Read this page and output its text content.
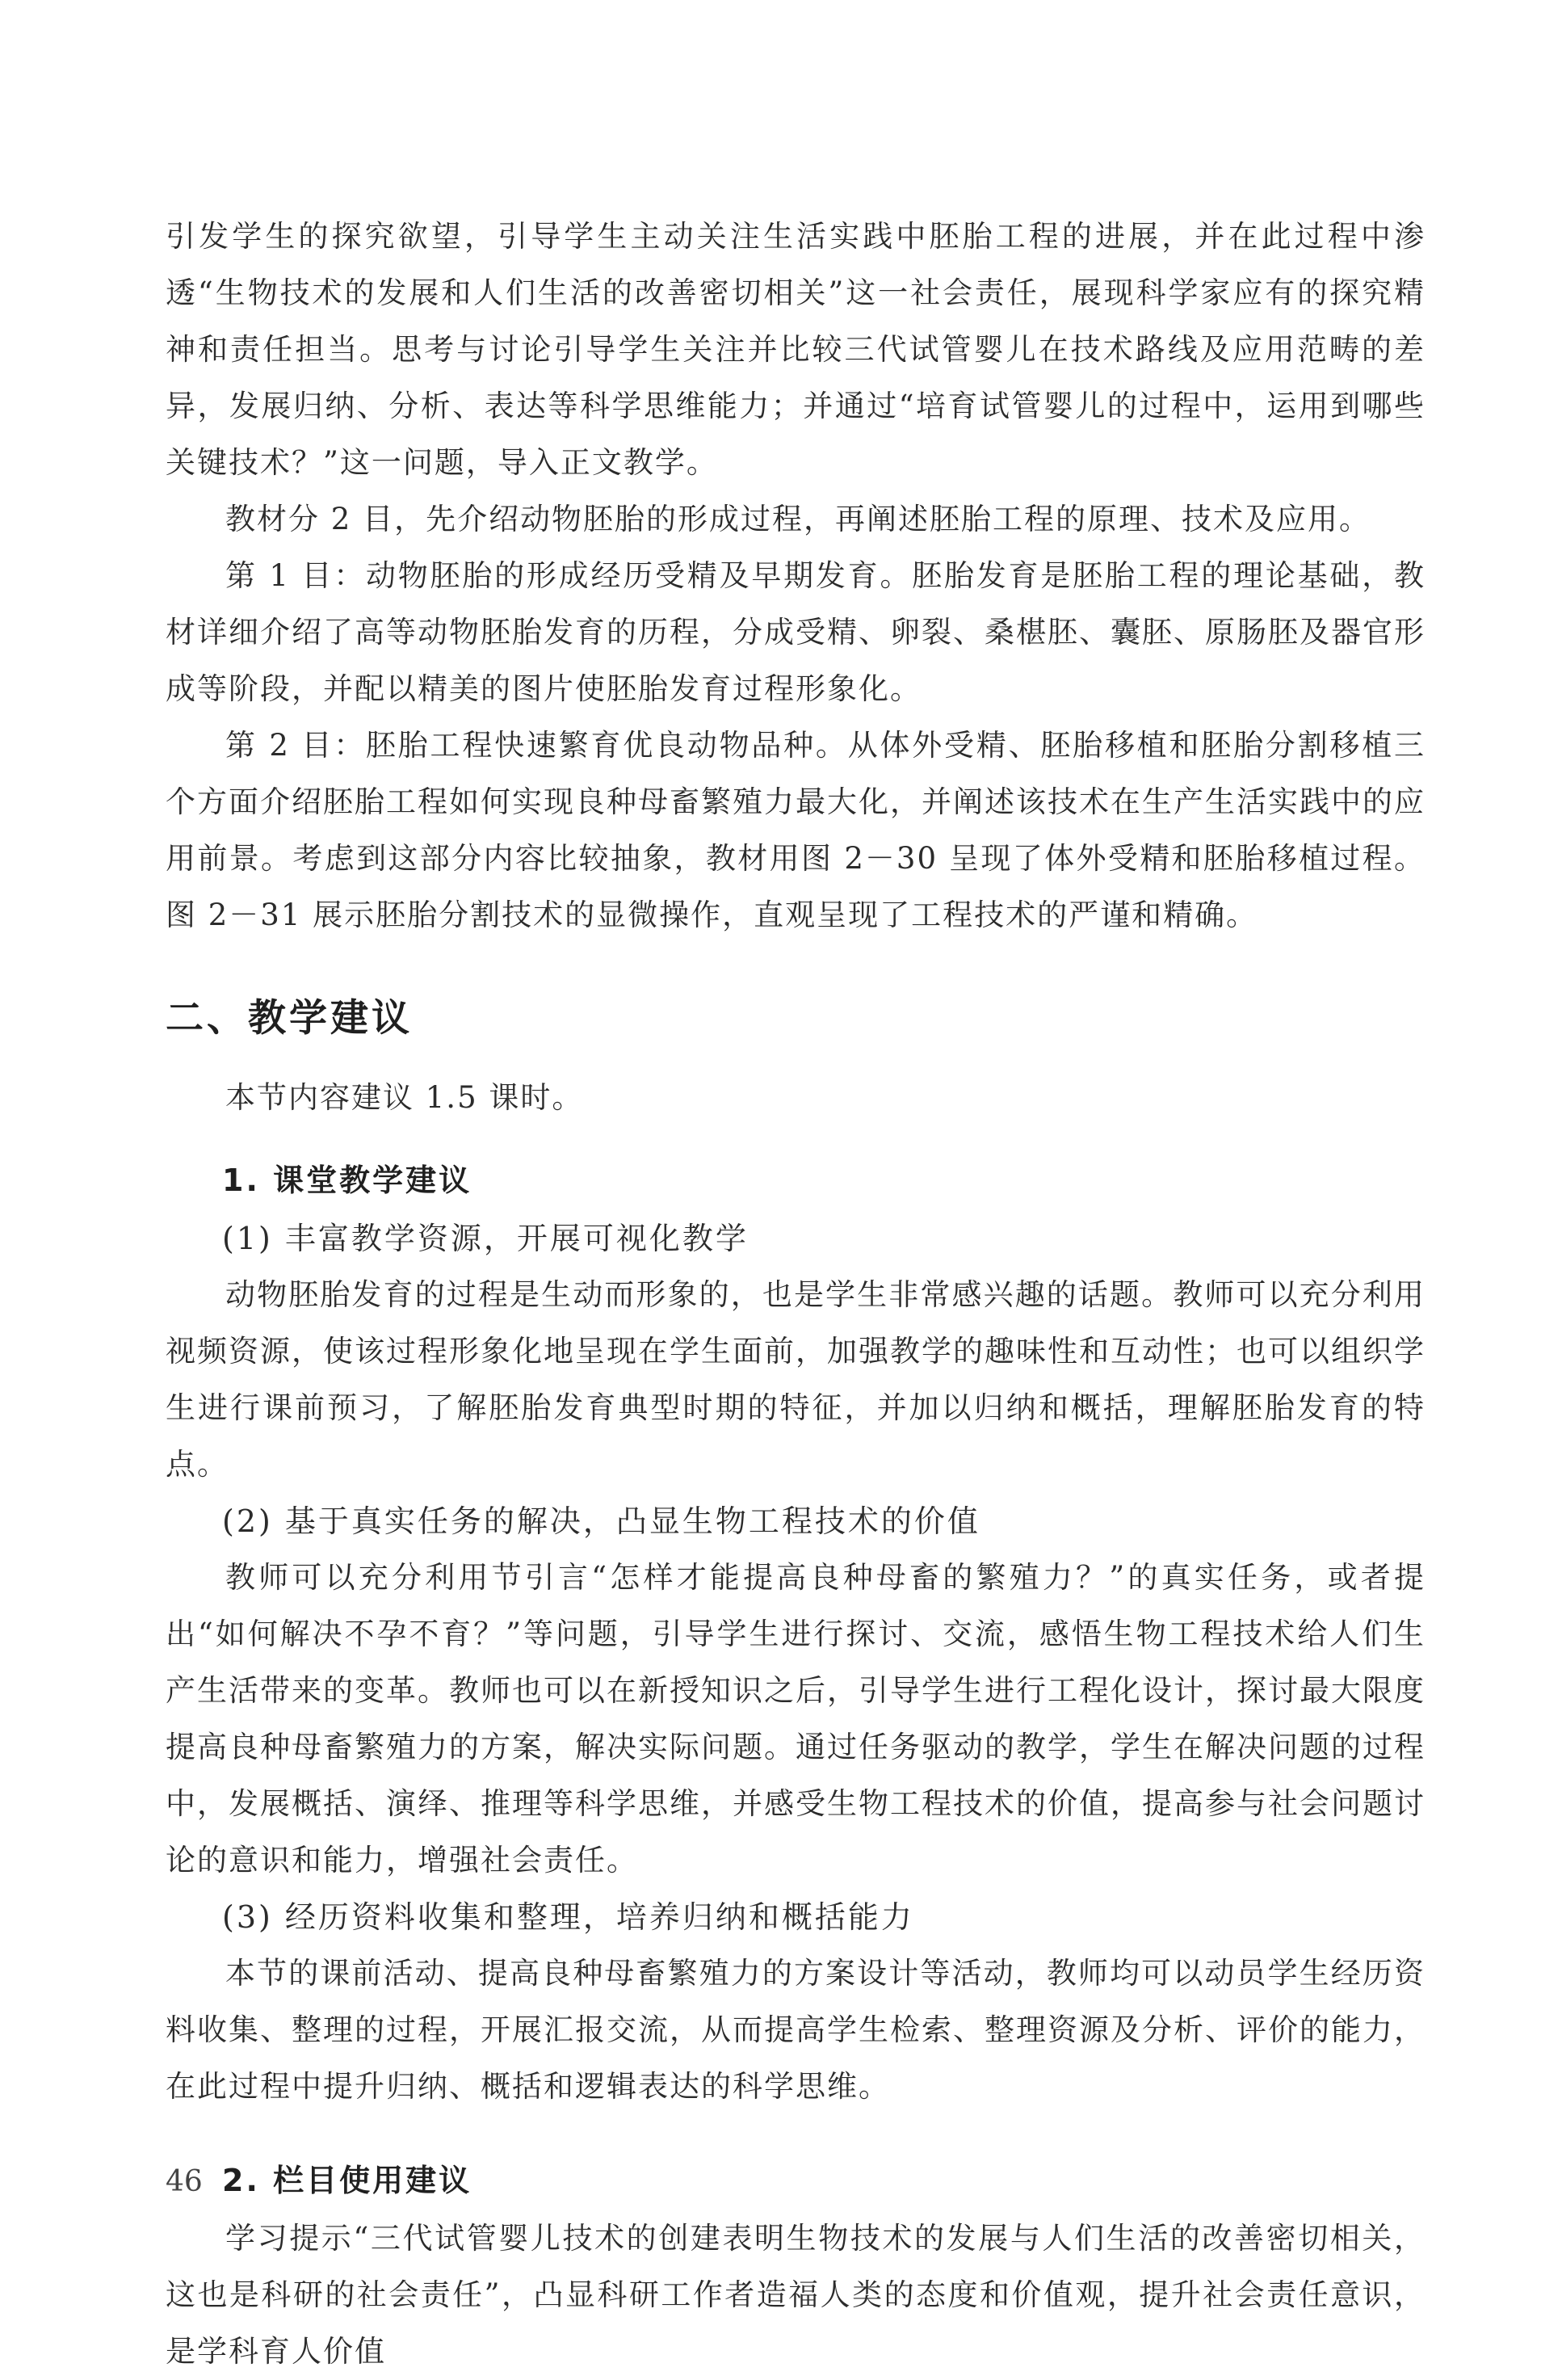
引发学生的探究欲望，引导学生主动关注生活实践中胚胎工程的进展，并在此过程中渗透“生物技术的发展和人们生活的改善密切相关”这一社会责任，展现科学家应有的探究精神和责任担当。思考与讨论引导学生关注并比较三代试管婴儿在技术路线及应用范畴的差异，发展归纳、分析、表达等科学思维能力；并通过“培育试管婴儿的过程中，运用到哪些关键技术？”这一问题，导入正文教学。

教材分 2 目，先介绍动物胚胎的形成过程，再阐述胚胎工程的原理、技术及应用。

第 1 目：动物胚胎的形成经历受精及早期发育。胚胎发育是胚胎工程的理论基础，教材详细介绍了高等动物胚胎发育的历程，分成受精、卵裂、桑椹胚、囊胚、原肠胚及器官形成等阶段，并配以精美的图片使胚胎发育过程形象化。

第 2 目：胚胎工程快速繁育优良动物品种。从体外受精、胚胎移植和胚胎分割移植三个方面介绍胚胎工程如何实现良种母畜繁殖力最大化，并阐述该技术在生产生活实践中的应用前景。考虑到这部分内容比较抽象，教材用图 2－30 呈现了体外受精和胚胎移植过程。图 2－31 展示胚胎分割技术的显微操作，直观呈现了工程技术的严谨和精确。

二、教学建议

本节内容建议 1.5 课时。

1. 课堂教学建议
(1) 丰富教学资源，开展可视化教学

动物胚胎发育的过程是生动而形象的，也是学生非常感兴趣的话题。教师可以充分利用视频资源，使该过程形象化地呈现在学生面前，加强教学的趣味性和互动性；也可以组织学生进行课前预习，了解胚胎发育典型时期的特征，并加以归纳和概括，理解胚胎发育的特点。

(2) 基于真实任务的解决，凸显生物工程技术的价值

教师可以充分利用节引言“怎样才能提高良种母畜的繁殖力？”的真实任务，或者提出“如何解决不孕不育？”等问题，引导学生进行探讨、交流，感悟生物工程技术给人们生产生活带来的变革。教师也可以在新授知识之后，引导学生进行工程化设计，探讨最大限度提高良种母畜繁殖力的方案，解决实际问题。通过任务驱动的教学，学生在解决问题的过程中，发展概括、演绎、推理等科学思维，并感受生物工程技术的价值，提高参与社会问题讨论的意识和能力，增强社会责任。

(3) 经历资料收集和整理，培养归纳和概括能力

本节的课前活动、提高良种母畜繁殖力的方案设计等活动，教师均可以动员学生经历资料收集、整理的过程，开展汇报交流，从而提高学生检索、整理资源及分析、评价的能力，在此过程中提升归纳、概括和逻辑表达的科学思维。

2. 栏目使用建议

学习提示“三代试管婴儿技术的创建表明生物技术的发展与人们生活的改善密切相关，这也是科研的社会责任”，凸显科研工作者造福人类的态度和价值观，提升社会责任意识，是学科育人价值

46
